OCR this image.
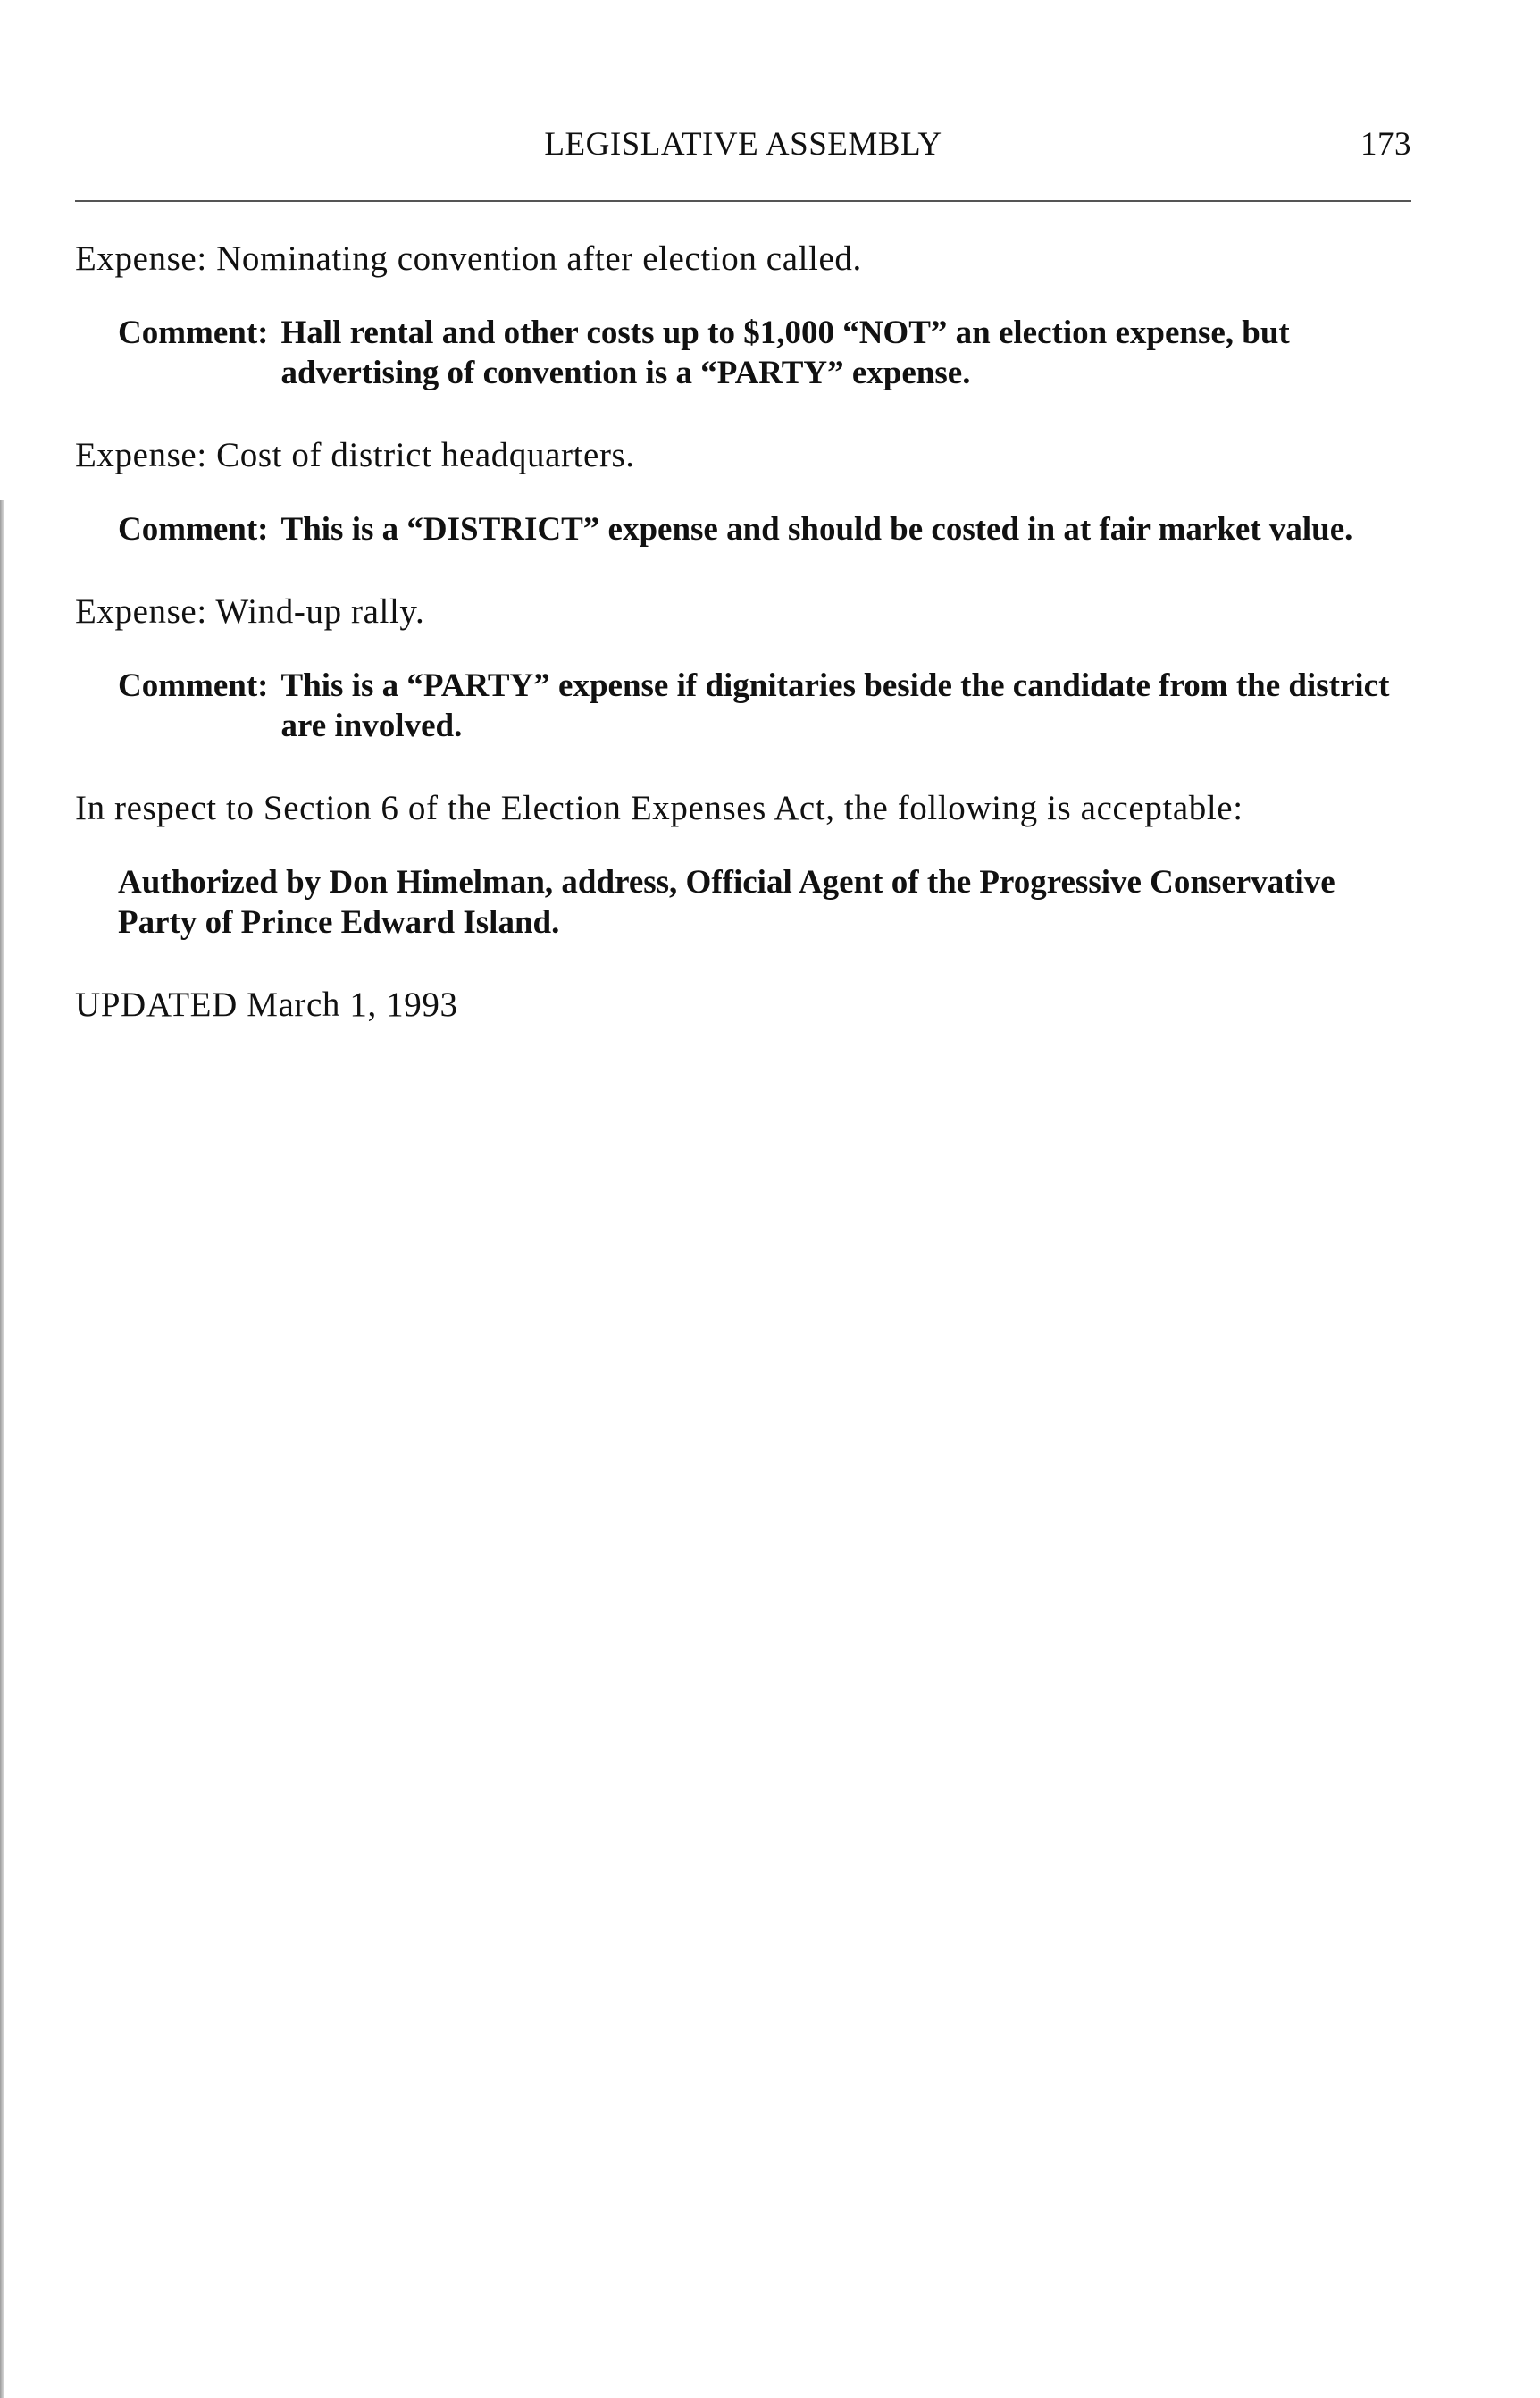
LEGISLATIVE ASSEMBLY	173

Expense: Nominating convention after election called.

Comment: Hall rental and other costs up to $1,000 “NOT” an election expense, but advertising of convention is a “PARTY” expense.

Expense: Cost of district headquarters.

Comment: This is a “DISTRICT” expense and should be costed in at fair market value.

Expense: Wind-up rally.

Comment: This is a “PARTY” expense if dignitaries beside the candidate from the district are involved.

In respect to Section 6 of the Election Expenses Act, the following is acceptable:

Authorized by Don Himelman, address, Official Agent of the Progressive Conservative Party of Prince Edward Island.

UPDATED March 1, 1993
